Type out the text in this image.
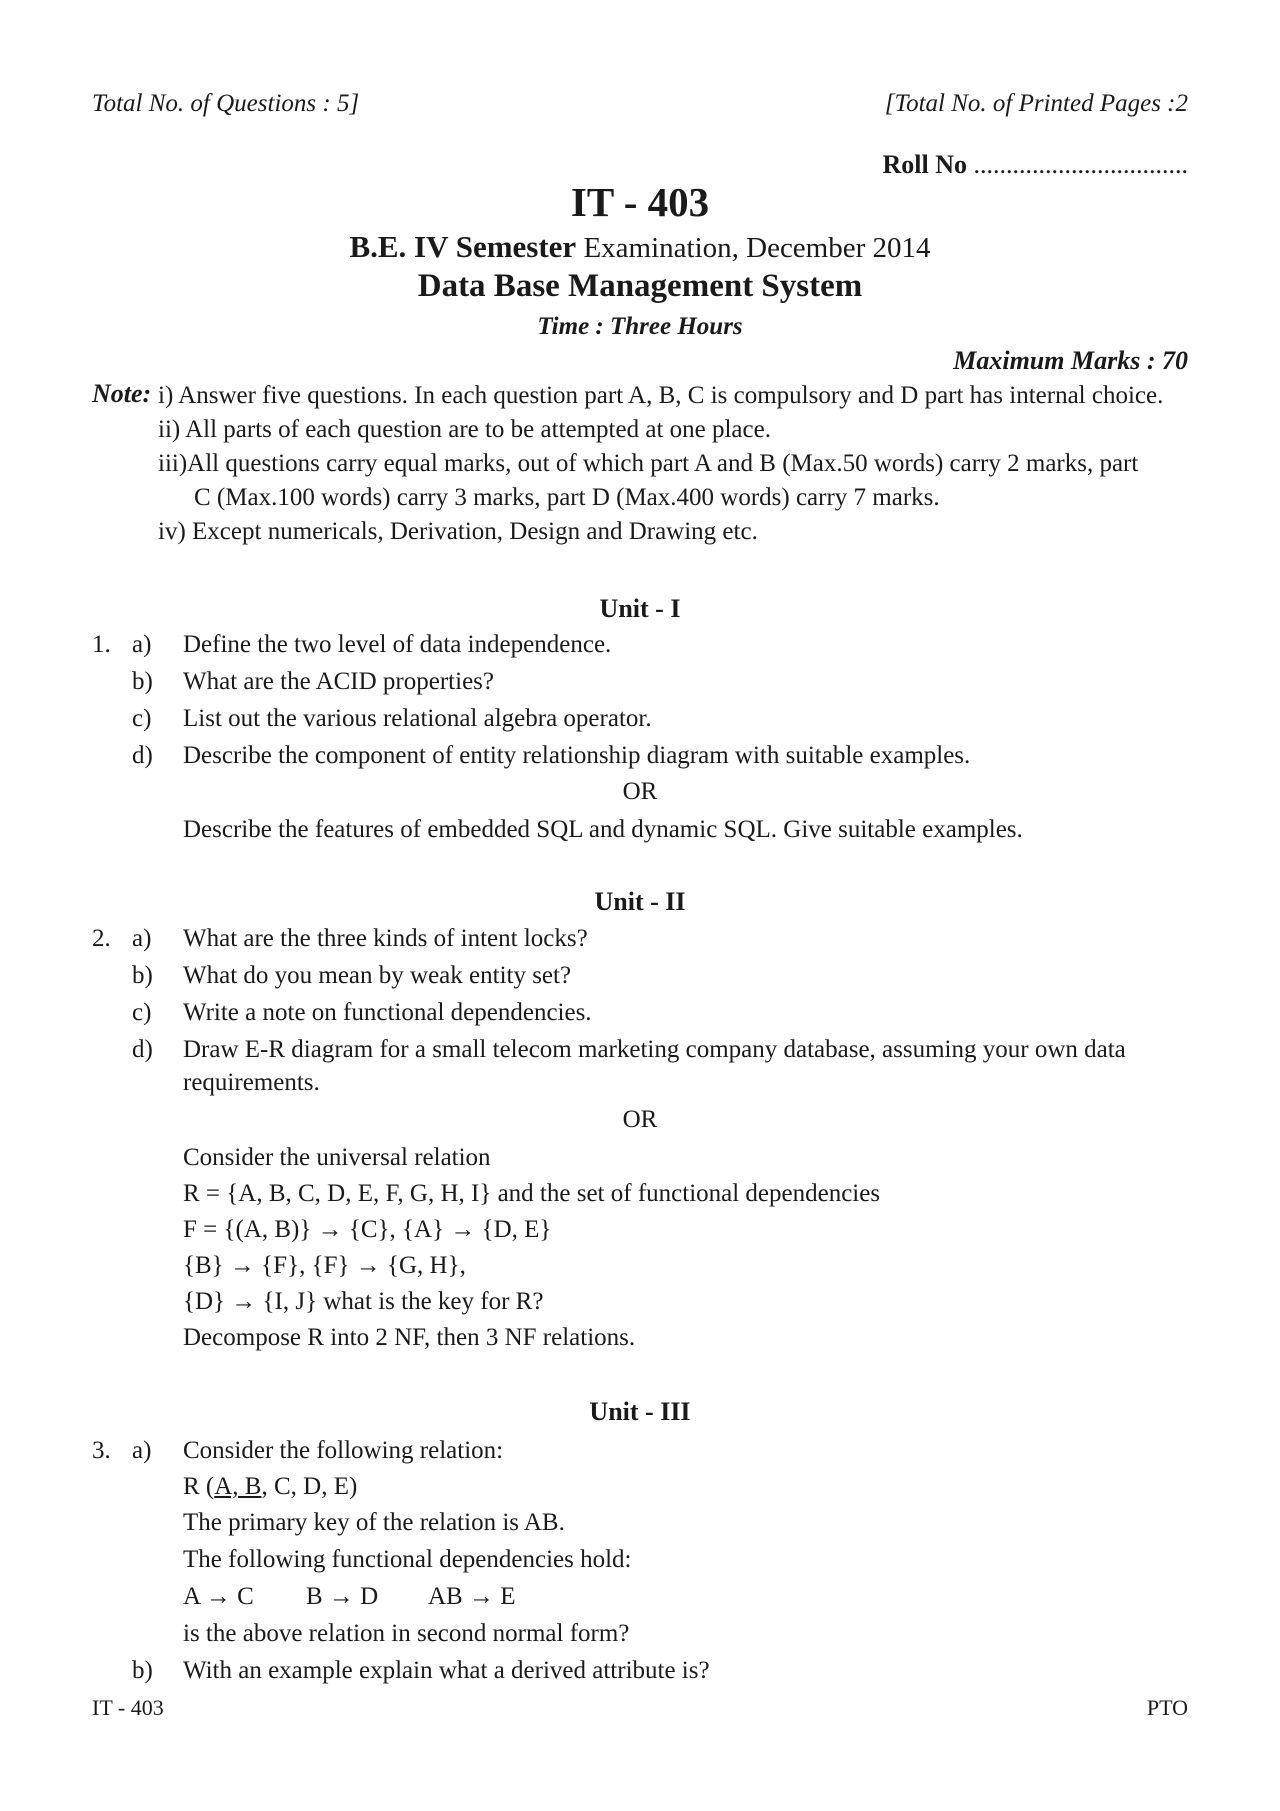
Total No. of Questions : 5]	[Total No. of Printed Pages :2
Roll No .................................
IT - 403
B.E. IV Semester Examination, December 2014
Data Base Management System
Time : Three Hours
Maximum Marks : 70
Note: i) Answer five questions. In each question part A, B, C is compulsory and D part has internal choice.
ii) All parts of each question are to be attempted at one place.
iii)All questions carry equal marks, out of which part A and B (Max.50 words) carry 2 marks, part
C (Max.100 words) carry 3 marks, part D (Max.400 words) carry 7 marks.
iv) Except numericals, Derivation, Design and Drawing etc.
Unit - I
1. a) Define the two level of data independence.
b) What are the ACID properties?
c) List out the various relational algebra operator.
d) Describe the component of entity relationship diagram with suitable examples.
OR
Describe the features of embedded SQL and dynamic SQL. Give suitable examples.
Unit - II
2. a) What are the three kinds of intent locks?
b) What do you mean by weak entity set?
c) Write a note on functional dependencies.
d) Draw E-R diagram for a small telecom marketing company database, assuming your own data
requirements.
OR
Consider the universal relation
R = {A, B, C, D, E, F, G, H, I} and the set of functional dependencies
F = {(A, B)} → {C}, {A} → {D, E}
{B} → {F}, {F} → {G, H},
{D} → {I, J} what is the key for R?
Decompose R into 2 NF, then 3 NF relations.
Unit - III
3. a) Consider the following relation:
R (A, B, C, D, E)
The primary key of the relation is AB.
The following functional dependencies hold:
A → C B → D AB → E
is the above relation in second normal form?
b) With an example explain what a derived attribute is?
IT - 403	PTO
